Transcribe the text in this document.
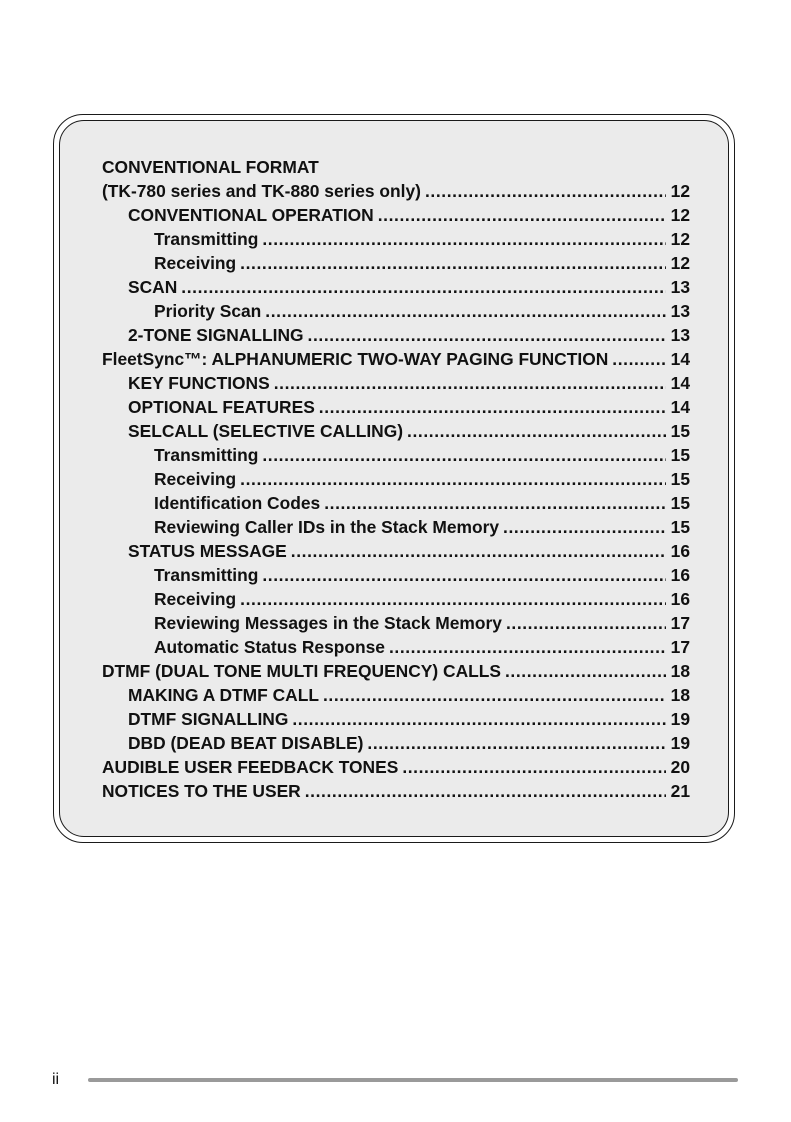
CONVENTIONAL FORMAT
(TK-780 series and TK-880 series only) .....	12
CONVENTIONAL OPERATION .....	12
Transmitting .....	12
Receiving .....	12
SCAN .....	13
Priority Scan .....	13
2-TONE SIGNALLING .....	13
FleetSync™: ALPHANUMERIC TWO-WAY PAGING FUNCTION .....	14
KEY FUNCTIONS .....	14
OPTIONAL FEATURES .....	14
SELCALL (SELECTIVE CALLING) .....	15
Transmitting .....	15
Receiving .....	15
Identification Codes .....	15
Reviewing Caller IDs in the Stack Memory .....	15
STATUS MESSAGE .....	16
Transmitting .....	16
Receiving .....	16
Reviewing Messages in the Stack Memory .....	17
Automatic Status Response .....	17
DTMF (DUAL TONE MULTI FREQUENCY) CALLS .....	18
MAKING A DTMF CALL .....	18
DTMF SIGNALLING .....	19
DBD (DEAD BEAT DISABLE) .....	19
AUDIBLE USER FEEDBACK TONES .....	20
NOTICES TO THE USER .....	21
ii
